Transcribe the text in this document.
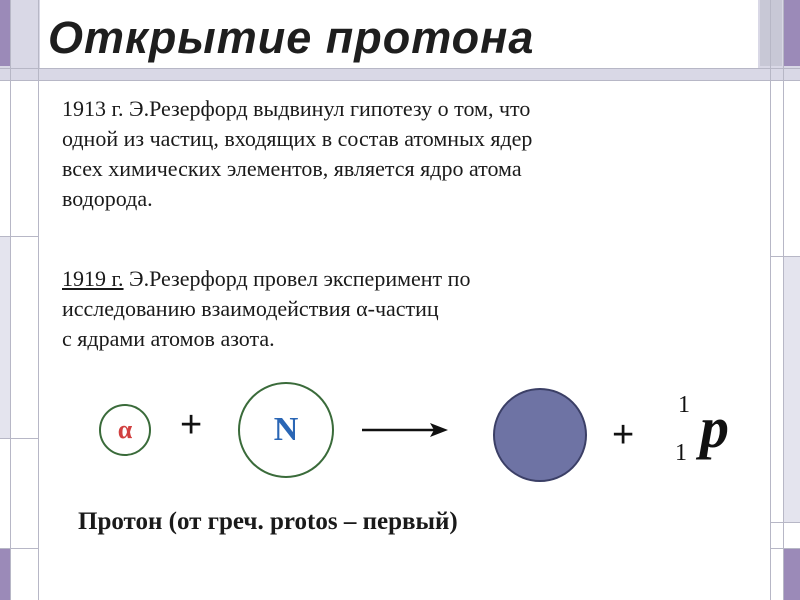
Открытие протона
1913 г. Э.Резерфорд выдвинул гипотезу о том, что
одной из частиц, входящих в состав атомных ядер
всех химических элементов, является ядро атома
водорода.
1919 г. Э.Резерфорд провел эксперимент по
исследованию взаимодействия α-частиц
с ядрами атомов азота.
α	+	N	+
1
1 p
Протон (от греч. protos – первый)
